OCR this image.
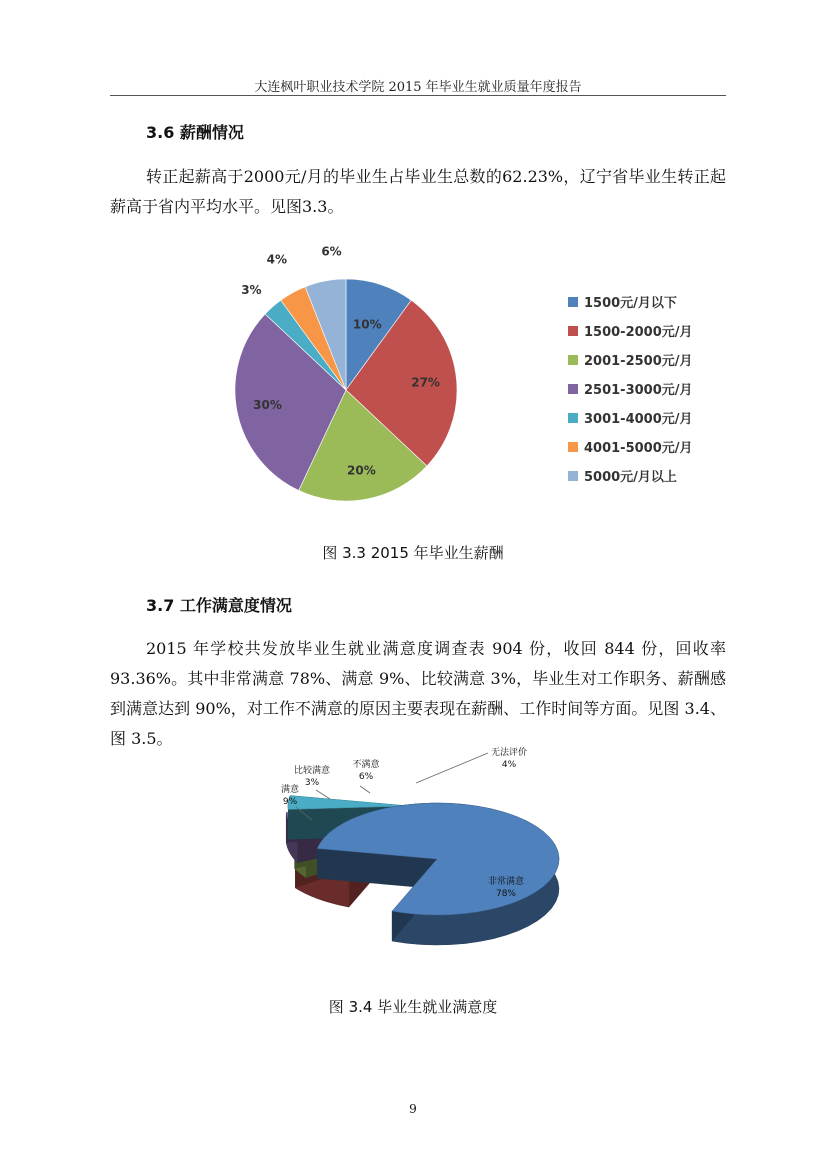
大连枫叶职业技术学院 2015 年毕业生就业质量年度报告
3.6 薪酬情况

转正起薪高于2000元/月的毕业生占毕业生总数的62.23%，辽宁省毕业生转正起薪高于省内平均水平。见图3.3。

10%
27%
20%
30%
3%
4%
6%
1500元/月以下
1500-2000元/月
2001-2500元/月
2501-3000元/月
3001-4000元/月
4001-5000元/月
5000元/月以上
图 3.3 2015 年毕业生薪酬
3.7 工作满意度情况

2015 年学校共发放毕业生就业满意度调查表 904 份，收回 844 份，回收率 93.36%。其中非常满意 78%、满意 9%、比较满意 3%，毕业生对工作职务、薪酬感到满意达到 90%，对工作不满意的原因主要表现在薪酬、工作时间等方面。见图 3.4、图 3.5。

非常满意
78%
满意
9%
比较满意
3%
不满意
6%
无法评价
4%
图 3.4 毕业生就业满意度
9
